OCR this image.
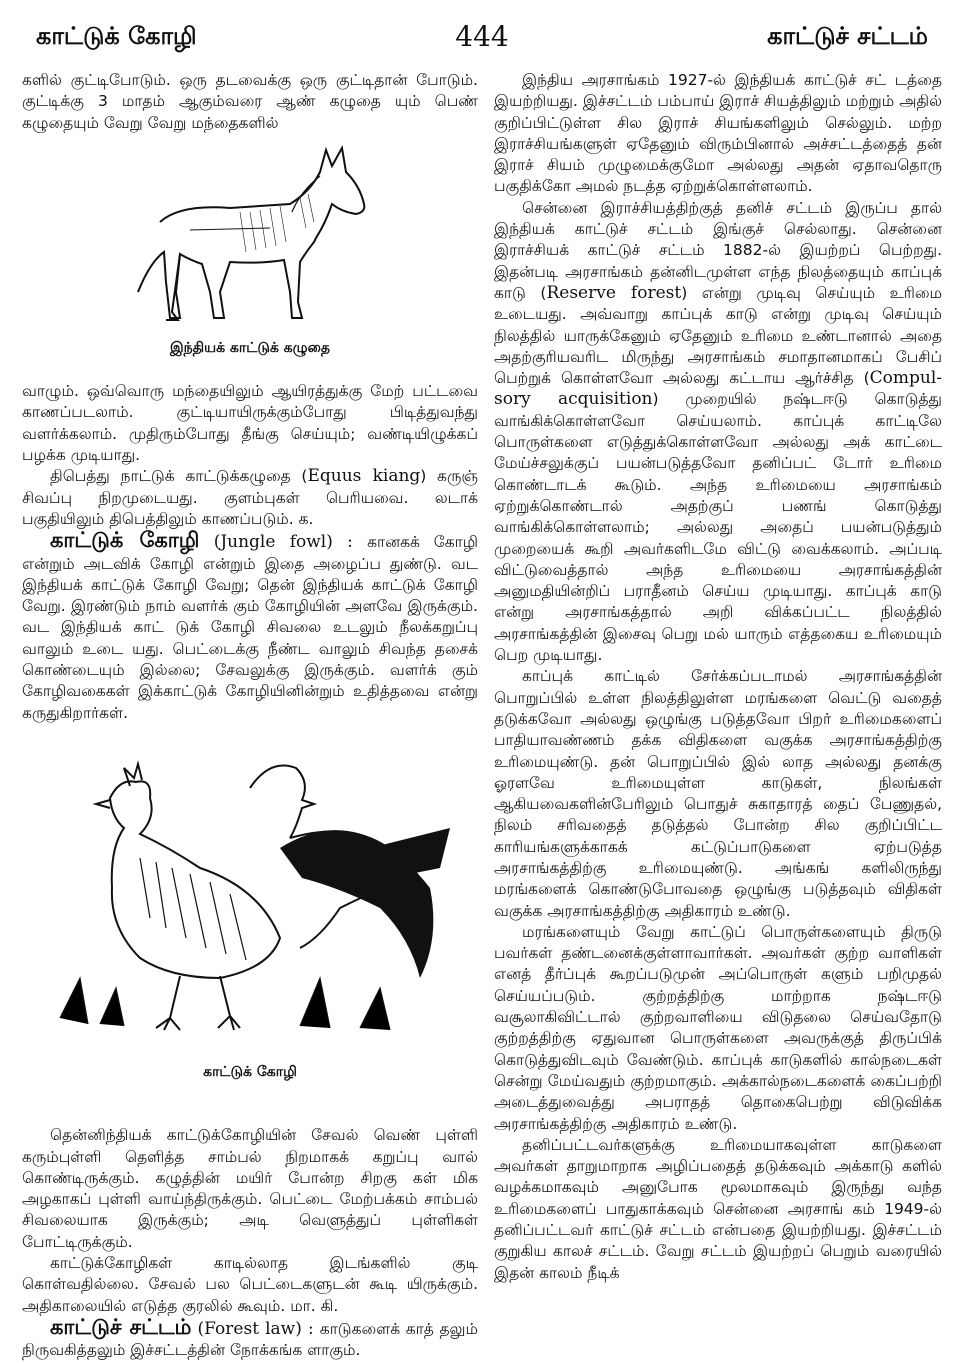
காட்டுக் கோழி	444	காட்டுச் சட்டம்

களில் குட்டிபோடும். ஒரு தடவைக்கு ஒரு குட்டிதான் போடும். குட்டிக்கு 3 மாதம் ஆகும்வரை ஆண் கழுதை யும் பெண் கழுதையும் வேறு வேறு மந்தைகளில்

இந்தியக் காட்டுக் கழுதை

வாழும். ஒவ்வொரு மந்தையிலும் ஆயிரத்துக்கு மேற் பட்டவை காணப்படலாம். குட்டியாயிருக்கும்போது பிடித்துவந்து வளர்க்கலாம். முதிரும்போது தீங்கு செய்யும்; வண்டியிழுக்கப் பழக்க முடியாது.

திபெத்து நாட்டுக் காட்டுக்கழுதை (Equus kiang) கருஞ் சிவப்பு நிறமுடையது. குளம்புகள் பெரியவை. லடாக் பகுதியிலும் திபெத்திலும் காணப்படும். க.

காட்டுக் கோழி (Jungle fowl) : கானகக் கோழி என்றும் அடவிக் கோழி என்றும் இதை அழைப்ப துண்டு. வட இந்தியக் காட்டுக் கோழி வேறு; தென் இந்தியக் காட்டுக் கோழி வேறு. இரண்டும் நாம் வளர்க் கும் கோழியின் அளவே இருக்கும். வட இந்தியக் காட் டுக் கோழி சிவலை உடலும் நீலக்கறுப்பு வாலும் உடை யது. பெட்டைக்கு நீண்ட வாலும் சிவந்த தசைக் கொண்டையும் இல்லை; சேவலுக்கு இருக்கும். வளர்க் கும் கோழிவகைகள் இக்காட்டுக் கோழியினின்றும் உதித்தவை என்று கருதுகிறார்கள்.

காட்டுக் கோழி

தென்னிந்தியக் காட்டுக்கோழியின் சேவல் வெண் புள்ளி கரும்புள்ளி தெளித்த சாம்பல் நிறமாகக் கறுப்பு வால் கொண்டிருக்கும். கழுத்தின் மயிர் போன்ற சிறகு கள் மிக அழகாகப் புள்ளி வாய்ந்திருக்கும். பெட்டை மேற்பக்கம் சாம்பல் சிவலையாக இருக்கும்; அடி வெளுத்துப் புள்ளிகள் போட்டிருக்கும்.

காட்டுக்கோழிகள் காடில்லாத இடங்களில் குடி கொள்வதில்லை. சேவல் பல பெட்டைகளுடன் கூடி யிருக்கும். அதிகாலையில் எடுத்த குரலில் கூவும். மா. கி.

காட்டுச் சட்டம் (Forest law) : காடுகளைக் காத் தலும் நிருவகித்தலும் இச்சட்டத்தின் நோக்கங்க ளாகும்.

இந்திய அரசாங்கம் 1927-ல் இந்தியக் காட்டுச் சட் டத்தை இயற்றியது. இச்சட்டம் பம்பாய் இராச் சியத்திலும் மற்றும் அதில் குறிப்பிட்டுள்ள சில இராச் சியங்களிலும் செல்லும். மற்ற இராச்சியங்களுள் ஏதேனும் விரும்பினால் அச்சட்டத்தைத் தன் இராச் சியம் முழுமைக்குமோ அல்லது அதன் ஏதாவதொரு பகுதிக்கோ அமல் நடத்த ஏற்றுக்கொள்ளலாம்.

சென்னை இராச்சியத்திற்குத் தனிச் சட்டம் இருப்ப தால் இந்தியக் காட்டுச் சட்டம் இங்குச் செல்லாது. சென்னை இராச்சியக் காட்டுச் சட்டம் 1882-ல் இயற்றப் பெற்றது. இதன்படி அரசாங்கம் தன்னிடமுள்ள எந்த நிலத்தையும் காப்புக் காடு (Reserve forest) என்று முடிவு செய்யும் உரிமை உடையது. அவ்வாறு காப்புக் காடு என்று முடிவு செய்யும் நிலத்தில் யாருக்கேனும் ஏதேனும் உரிமை உண்டானால் அதை அதற்குரியவரிட மிருந்து அரசாங்கம் சமாதானமாகப் பேசிப் பெற்றுக் கொள்ளவோ அல்லது கட்டாய ஆர்ச்சித (Compul- sory acquisition) முறையில் நஷ்டஈடு கொடுத்து வாங்கிக்கொள்ளவோ செய்யலாம். காப்புக் காட்டிலே பொருள்களை எடுத்துக்கொள்ளவோ அல்லது அக் காட்டை மேய்ச்சலுக்குப் பயன்படுத்தவோ தனிப்பட் டோர் உரிமை கொண்டாடக் கூடும். அந்த உரிமையை அரசாங்கம் ஏற்றுக்கொண்டால் அதற்குப் பணங் கொடுத்து வாங்கிக்கொள்ளலாம்; அல்லது அதைப் பயன்படுத்தும் முறையைக் கூறி அவர்களிடமே விட்டு வைக்கலாம். அப்படி விட்டுவைத்தால் அந்த உரிமையை அரசாங்கத்தின் அனுமதியின்றிப் பராதீனம் செய்ய முடியாது. காப்புக் காடு என்று அரசாங்கத்தால் அறி விக்கப்பட்ட நிலத்தில் அரசாங்கத்தின் இசைவு பெறு மல் யாரும் எத்தகைய உரிமையும் பெற முடியாது.

காப்புக் காட்டில் சேர்க்கப்படாமல் அரசாங்கத்தின் பொறுப்பில் உள்ள நிலத்திலுள்ள மரங்களை வெட்டு வதைத் தடுக்கவோ அல்லது ஒழுங்கு படுத்தவோ பிறர் உரிமைகளைப் பாதியாவண்ணம் தக்க விதிகளை வகுக்க அரசாங்கத்திற்கு உரிமையுண்டு. தன் பொறுப்பில் இல் லாத அல்லது தனக்கு ஓரளவே உரிமையுள்ள காடுகள், நிலங்கள் ஆகியவைகளின்பேரிலும் பொதுச் சுகாதாரத் தைப் பேணுதல், நிலம் சரிவதைத் தடுத்தல் போன்ற சில குறிப்பிட்ட காரியங்களுக்காகக் கட்டுப்பாடுகளை ஏற்படுத்த அரசாங்கத்திற்கு உரிமையுண்டு. அங்கங் களிலிருந்து மரங்களைக் கொண்டுபோவதை ஒழுங்கு படுத்தவும் விதிகள் வகுக்க அரசாங்கத்திற்கு அதிகாரம் உண்டு.

மரங்களையும் வேறு காட்டுப் பொருள்களையும் திருடு பவர்கள் தண்டனைக்குள்ளாவார்கள். அவர்கள் குற்ற வாளிகள் எனத் தீர்ப்புக் கூறப்படுமுன் அப்பொருள் களும் பறிமுதல் செய்யப்படும். குற்றத்திற்கு மாற்றாக நஷ்டஈடு வசூலாகிவிட்டால் குற்றவாளியை விடுதலை செய்வதோடு குற்றத்திற்கு ஏதுவான பொருள்களை அவருக்குத் திருப்பிக் கொடுத்துவிடவும் வேண்டும். காப்புக் காடுகளில் கால்நடைகள் சென்று மேய்வதும் குற்றமாகும். அக்கால்நடைகளைக் கைப்பற்றி அடைத்துவைத்து அபராதத் தொகைபெற்று விடுவிக்க அரசாங்கத்திற்கு அதிகாரம் உண்டு.

தனிப்பட்டவர்களுக்கு உரிமையாகவுள்ள காடுகளை அவர்கள் தாறுமாறாக அழிப்பதைத் தடுக்கவும் அக்காடு களில் வழக்கமாகவும் அனுபோக மூலமாகவும் இருந்து வந்த உரிமைகளைப் பாதுகாக்கவும் சென்னை அரசாங் கம் 1949-ல் தனிப்பட்டவர் காட்டுச் சட்டம் என்பதை இயற்றியது. இச்சட்டம் குறுகிய காலச் சட்டம். வேறு சட்டம் இயற்றப் பெறும் வரையில் இதன் காலம் நீடிக்
